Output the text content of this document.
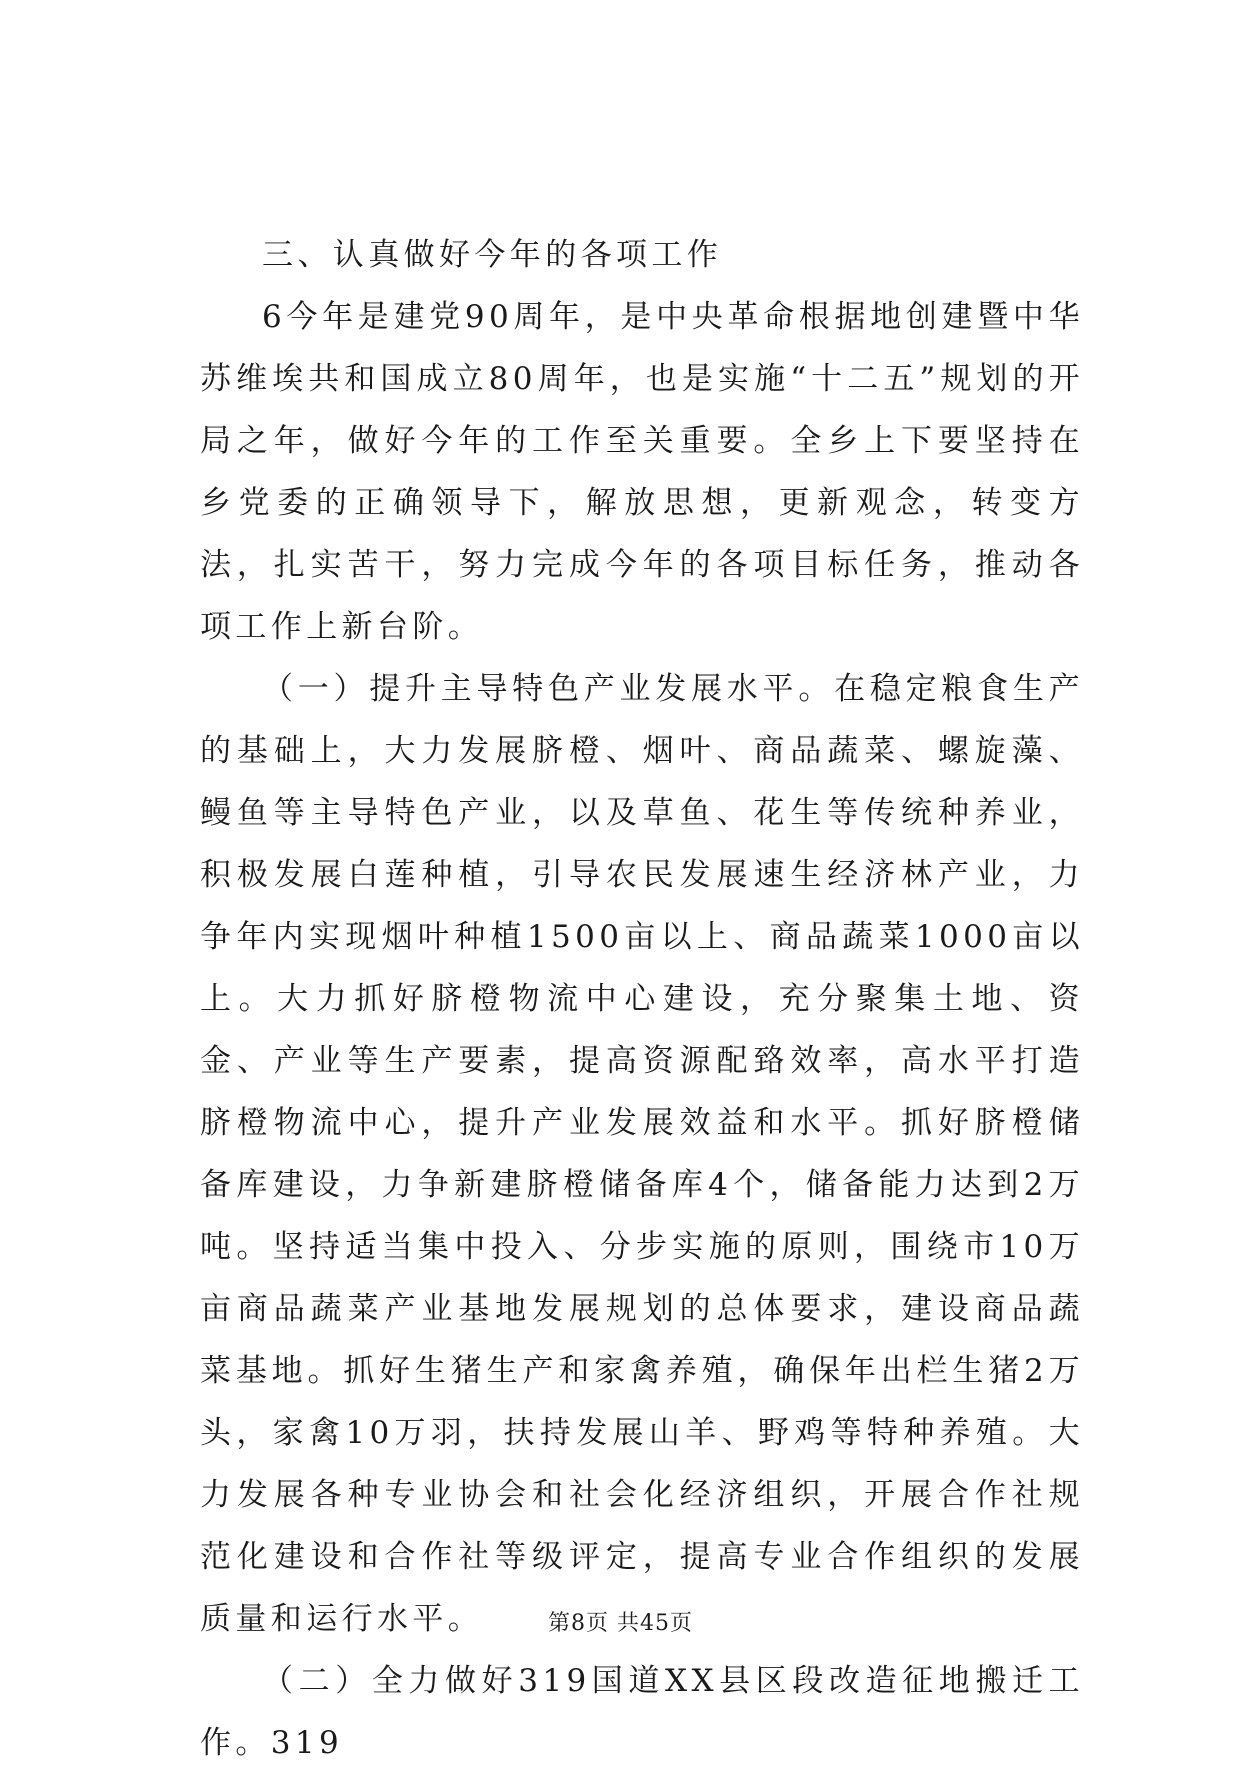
三、认真做好今年的各项工作

6今年是建党90周年，是中央革命根据地创建暨中华苏维埃共和国成立80周年，也是实施“十二五”规划的开局之年，做好今年的工作至关重要。全乡上下要坚持在乡党委的正确领导下，解放思想，更新观念，转变方法，扎实苦干，努力完成今年的各项目标任务，推动各项工作上新台阶。

（一）提升主导特色产业发展水平。在稳定粮食生产的基础上，大力发展脐橙、烟叶、商品蔬菜、螺旋藻、鳗鱼等主导特色产业，以及草鱼、花生等传统种养业，积极发展白莲种植，引导农民发展速生经济林产业，力争年内实现烟叶种植1500亩以上、商品蔬菜1000亩以上。大力抓好脐橙物流中心建设，充分聚集土地、资金、产业等生产要素，提高资源配臵效率，高水平打造脐橙物流中心，提升产业发展效益和水平。抓好脐橙储备库建设，力争新建脐橙储备库4个，储备能力达到2万吨。坚持适当集中投入、分步实施的原则，围绕市10万亩商品蔬菜产业基地发展规划的总体要求，建设商品蔬菜基地。抓好生猪生产和家禽养殖，确保年出栏生猪2万头，家禽10万羽，扶持发展山羊、野鸡等特种养殖。大力发展各种专业协会和社会化经济组织，开展合作社规范化建设和合作社等级评定，提高专业合作组织的发展质量和运行水平。

（二）全力做好319国道XX县区段改造征地搬迁工作。319

第8页 共45页
